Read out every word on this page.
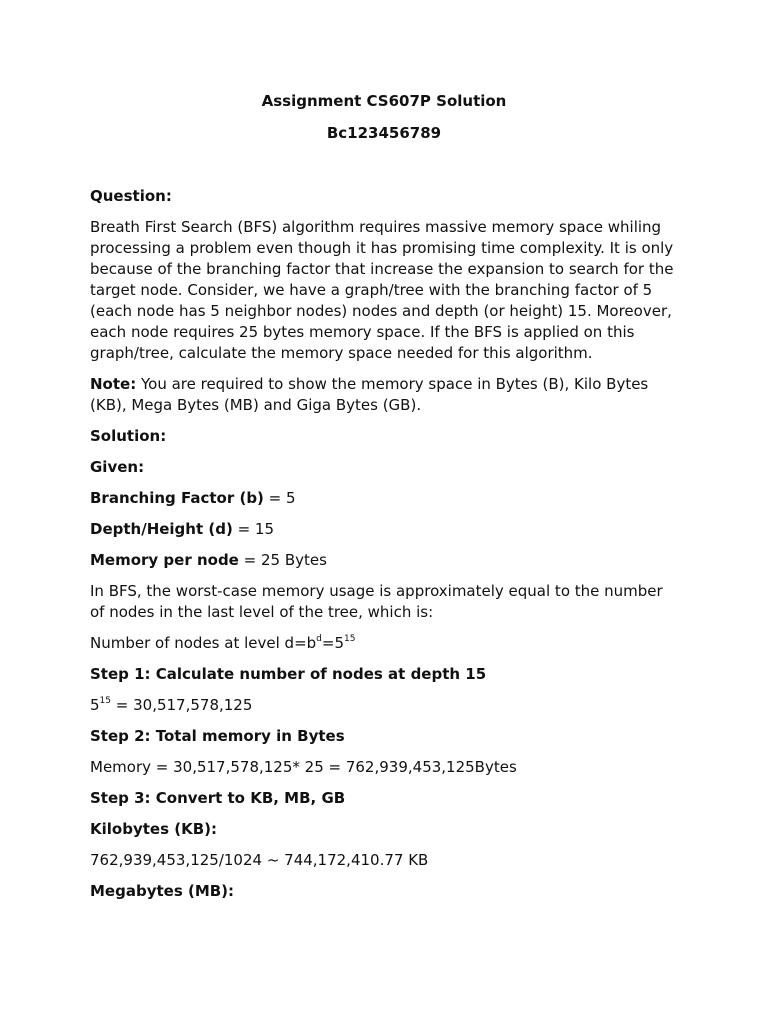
Assignment CS607P Solution

Bc123456789

Question:

Breath First Search (BFS) algorithm requires massive memory space whiling processing a problem even though it has promising time complexity. It is only because of the branching factor that increase the expansion to search for the target node. Consider, we have a graph/tree with the branching factor of 5 (each node has 5 neighbor nodes) nodes and depth (or height) 15. Moreover, each node requires 25 bytes memory space. If the BFS is applied on this graph/tree, calculate the memory space needed for this algorithm.

Note: You are required to show the memory space in Bytes (B), Kilo Bytes (KB), Mega Bytes (MB) and Giga Bytes (GB).

Solution:

Given:

Branching Factor (b) = 5

Depth/Height (d) = 15

Memory per node = 25 Bytes

In BFS, the worst-case memory usage is approximately equal to the number of nodes in the last level of the tree, which is:

Number of nodes at level $d=b^d=5^{15}$

Step 1: Calculate number of nodes at depth 15

$5^{15} = 30,517,578,125$

Step 2: Total memory in Bytes

Memory = 30,517,578,125* 25 = 762,939,453,125Bytes

Step 3: Convert to KB, MB, GB

Kilobytes (KB):

762,939,453,125/1024 ~ 744,172,410.77 KB

Megabytes (MB):
